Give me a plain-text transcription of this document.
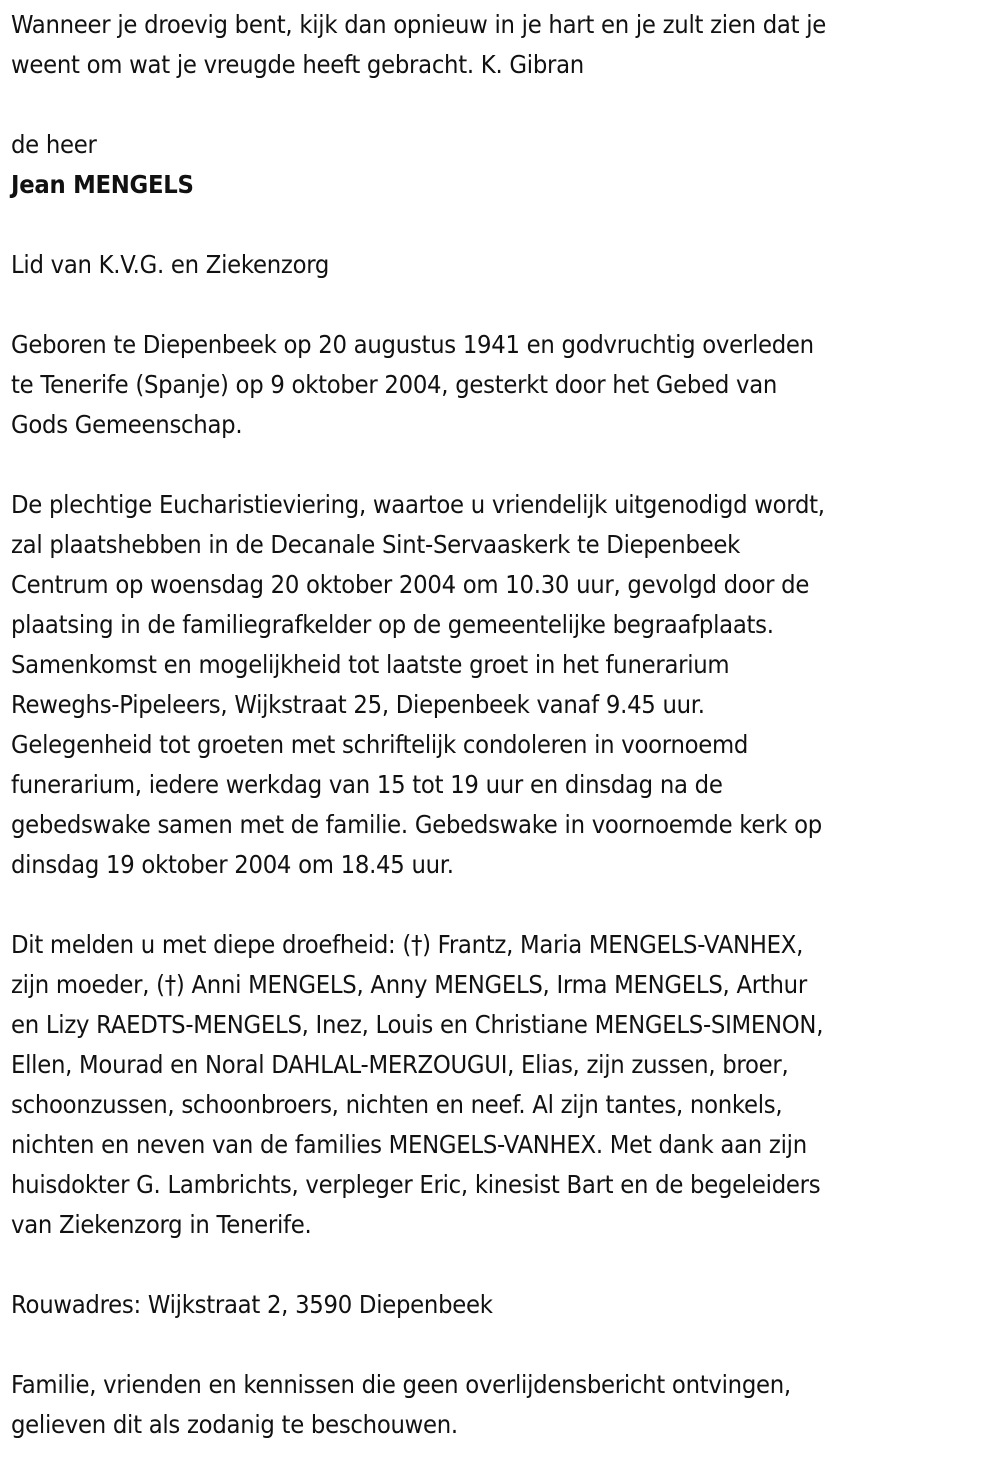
Wanneer je droevig bent, kijk dan opnieuw in je hart en je zult zien dat je
weent om wat je vreugde heeft gebracht. K. Gibran
de heer
Jean MENGELS
Lid van K.V.G. en Ziekenzorg
Geboren te Diepenbeek op 20 augustus 1941 en godvruchtig overleden
te Tenerife (Spanje) op 9 oktober 2004, gesterkt door het Gebed van
Gods Gemeenschap.
De plechtige Eucharistieviering, waartoe u vriendelijk uitgenodigd wordt,
zal plaatshebben in de Decanale Sint-Servaaskerk te Diepenbeek
Centrum op woensdag 20 oktober 2004 om 10.30 uur, gevolgd door de
plaatsing in de familiegrafkelder op de gemeentelijke begraafplaats.
Samenkomst en mogelijkheid tot laatste groet in het funerarium
Reweghs-Pipeleers, Wijkstraat 25, Diepenbeek vanaf 9.45 uur.
Gelegenheid tot groeten met schriftelijk condoleren in voornoemd
funerarium, iedere werkdag van 15 tot 19 uur en dinsdag na de
gebedswake samen met de familie. Gebedswake in voornoemde kerk op
dinsdag 19 oktober 2004 om 18.45 uur.
Dit melden u met diepe droefheid: (†) Frantz, Maria MENGELS-VANHEX,
zijn moeder, (†) Anni MENGELS, Anny MENGELS, Irma MENGELS, Arthur
en Lizy RAEDTS-MENGELS, Inez, Louis en Christiane MENGELS-SIMENON,
Ellen, Mourad en Noral DAHLAL-MERZOUGUI, Elias, zijn zussen, broer,
schoonzussen, schoonbroers, nichten en neef. Al zijn tantes, nonkels,
nichten en neven van de families MENGELS-VANHEX. Met dank aan zijn
huisdokter G. Lambrichts, verpleger Eric, kinesist Bart en de begeleiders
van Ziekenzorg in Tenerife.
Rouwadres: Wijkstraat 2, 3590 Diepenbeek
Familie, vrienden en kennissen die geen overlijdensbericht ontvingen,
gelieven dit als zodanig te beschouwen.
